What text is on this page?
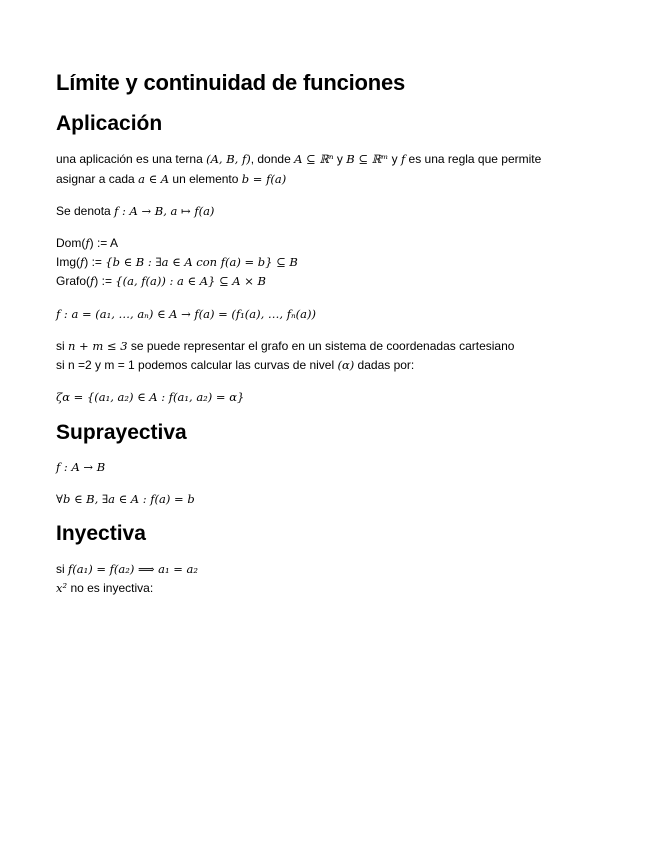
Límite y continuidad de funciones
Aplicación
una aplicación es una terna (A, B, f), donde A ⊆ ℝⁿ y B ⊆ ℝᵐ y f es una regla que permite
asignar a cada a ∈ A un elemento b = f(a)
Se denota f : A → B, a ↦ f(a)
Dom(f) := A
Img(f) := {b ∈ B : ∃a ∈ A con f(a) = b} ⊆ B
Grafo(f) := {(a, f(a)) : a ∈ A} ⊆ A × B
f : a = (a₁, …, aₙ) ∈ A → f(a) = (f₁(a), …, fₙ(a))
si n + m ≤ 3 se puede representar el grafo en un sistema de coordenadas cartesiano
si n =2 y m = 1 podemos calcular las curvas de nivel (α) dadas por:
ζα = {(a₁, a₂) ∈ A : f(a₁, a₂) = α}
Suprayectiva
f : A → B
∀b ∈ B, ∃a ∈ A : f(a) = b
Inyectiva
si f(a₁) = f(a₂) ⟹ a₁ = a₂
x² no es inyectiva:
